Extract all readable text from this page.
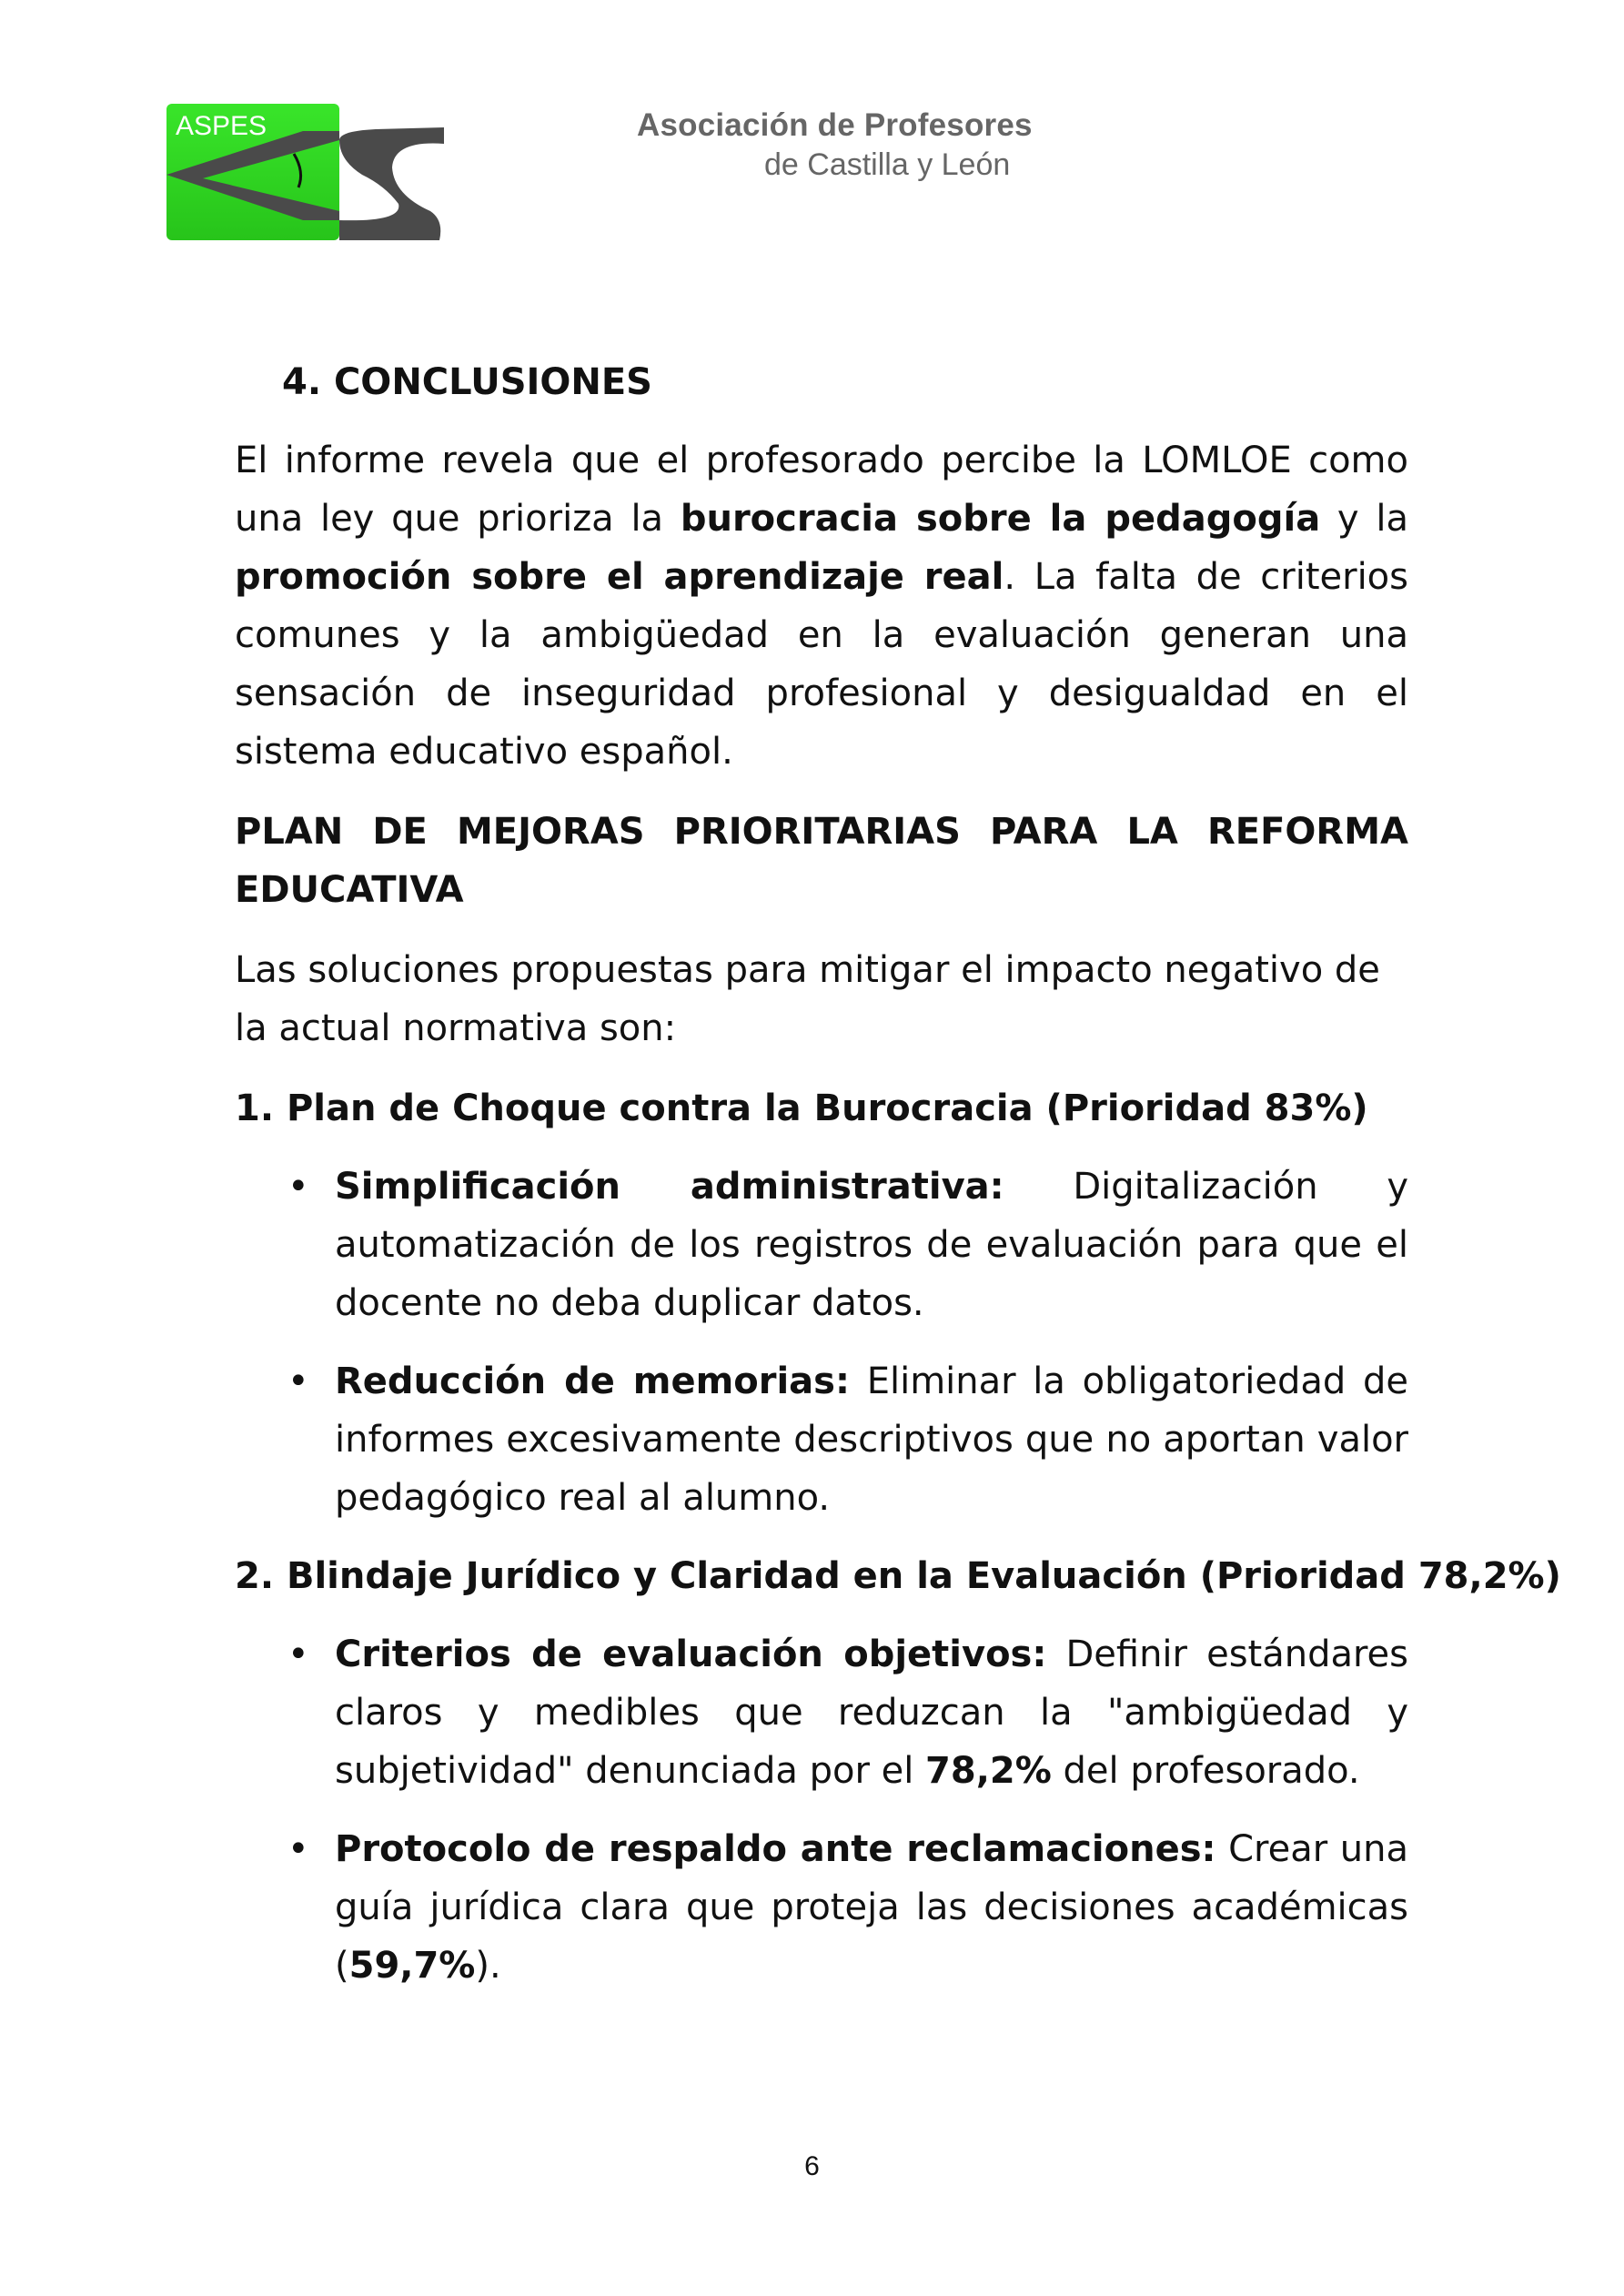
ASPES	Asociación de Profesores
de Castilla y León
4. CONCLUSIONES

El informe revela que el profesorado percibe la LOMLOE como una ley que prioriza la burocracia sobre la pedagogía y la promoción sobre el aprendizaje real. La falta de criterios comunes y la ambigüedad en la evaluación generan una sensación de inseguridad profesional y desigualdad en el sistema educativo español.

PLAN DE MEJORAS PRIORITARIAS PARA LA REFORMA EDUCATIVA

Las soluciones propuestas para mitigar el impacto negativo de la actual normativa son:

1. Plan de Choque contra la Burocracia (Prioridad 83%)
• Simplificación administrativa: Digitalización y automatización de los registros de evaluación para que el docente no deba duplicar datos.
• Reducción de memorias: Eliminar la obligatoriedad de informes excesivamente descriptivos que no aportan valor pedagógico real al alumno.
2. Blindaje Jurídico y Claridad en la Evaluación (Prioridad 78,2%)
• Criterios de evaluación objetivos: Definir estándares claros y medibles que reduzcan la "ambigüedad y subjetividad" denunciada por el 78,2% del profesorado.
• Protocolo de respaldo ante reclamaciones: Crear una guía jurídica clara que proteja las decisiones académicas (59,7%).
6
